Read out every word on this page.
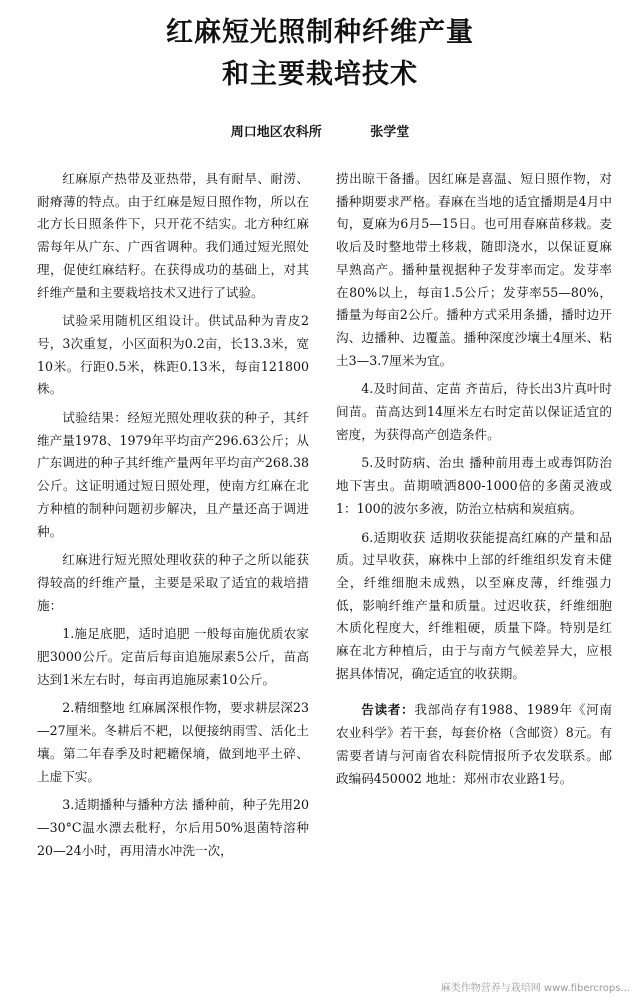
红麻短光照制种纤维产量
和主要栽培技术
周口地区农科所	张学堂

红麻原产热带及亚热带，具有耐旱、耐涝、耐瘠薄的特点。由于红麻是短日照作物，所以在北方长日照条件下，只开花不结实。北方种红麻需每年从广东、广西省调种。我们通过短光照处理，促使红麻结籽。在获得成功的基础上，对其纤维产量和主要栽培技术又进行了试验。

试验采用随机区组设计。供试品种为青皮2号，3次重复，小区面积为0.2亩，长13.3米，宽10米。行距0.5米，株距0.13米，每亩121800株。

试验结果：经短光照处理收获的种子，其纤维产量1978、1979年平均亩产296.63公斤；从广东调进的种子其纤维产量两年平均亩产268.38公斤。这证明通过短日照处理，使南方红麻在北方种植的制种问题初步解决，且产量还高于调进种。

红麻进行短光照处理收获的种子之所以能获得较高的纤维产量，主要是采取了适宜的栽培措施：

1.施足底肥，适时追肥 一般每亩施优质农家肥3000公斤。定苗后每亩追施尿素5公斤，苗高达到1米左右时，每亩再追施尿素10公斤。

2.精细整地 红麻属深根作物，要求耕层深23—27厘米。冬耕后不耙，以便接纳雨雪、活化土壤。第二年春季及时耙耱保墒，做到地平土碎、上虚下实。

3.适期播种与播种方法 播种前，种子先用20—30°C温水漂去秕籽，尔后用50%退菌特溶种20—24小时，再用清水冲洗一次，

捞出晾干备播。因红麻是喜温、短日照作物，对播种期要求严格。春麻在当地的适宜播期是4月中旬，夏麻为6月5—15日。也可用春麻苗移栽。麦收后及时整地带土移栽，随即浇水，以保证夏麻早熟高产。播种量视据种子发芽率而定。发芽率在80%以上，每亩1.5公斤；发芽率55—80%，播量为每亩2公斤。播种方式采用条播，播时边开沟、边播种、边覆盖。播种深度沙壤土4厘米、粘土3—3.7厘米为宜。

4.及时间苗、定苗 齐苗后，待长出3片真叶时间苗。苗高达到14厘米左右时定苗以保证适宜的密度，为获得高产创造条件。

5.及时防病、治虫 播种前用毒土或毒饵防治地下害虫。苗期喷洒800-1000倍的多菌灵液或1：100的波尔多液，防治立枯病和炭疽病。

6.适期收获 适期收获能提高红麻的产量和品质。过早收获，麻株中上部的纤维组织发育未健全，纤维细胞未成熟，以至麻皮薄，纤维强力低，影响纤维产量和质量。过迟收获，纤维细胞木质化程度大，纤维粗硬，质量下降。特别是红麻在北方种植后，由于与南方气候差异大，应根据具体情况，确定适宜的收获期。

告读者：我部尚存有1988、1989年《河南农业科学》若干套，每套价格（含邮资）8元。有需要者请与河南省农科院情报所予农发联系。邮政编码450002 地址：郑州市农业路1号。

麻类作物营养与栽培网 www.fibercrops...
